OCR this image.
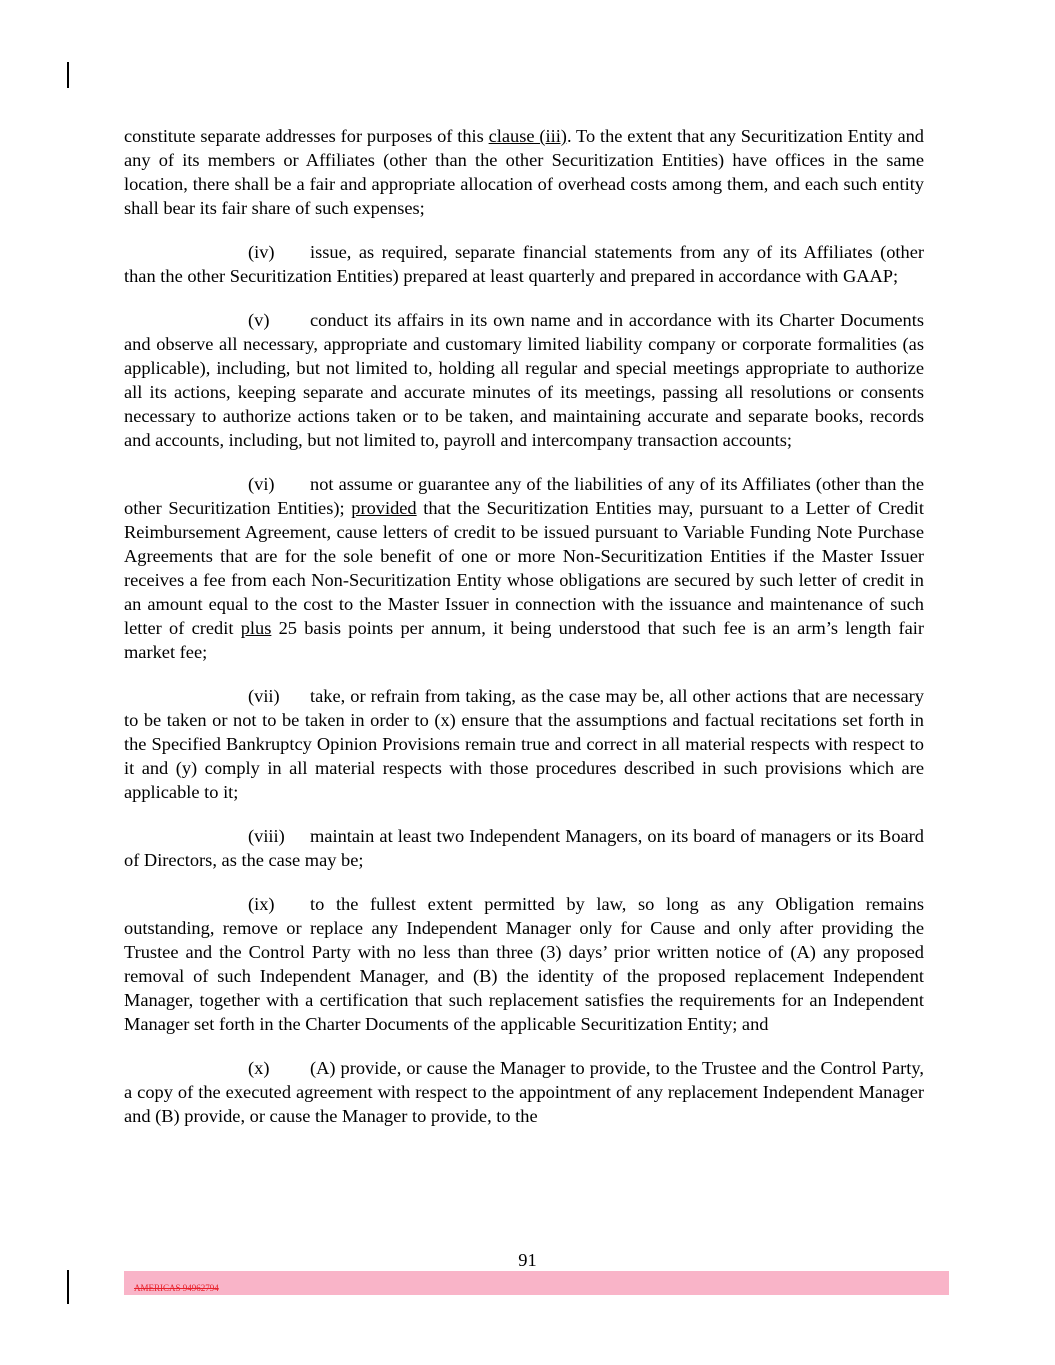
constitute separate addresses for purposes of this clause (iii). To the extent that any Securitization Entity and any of its members or Affiliates (other than the other Securitization Entities) have offices in the same location, there shall be a fair and appropriate allocation of overhead costs among them, and each such entity shall bear its fair share of such expenses;

(iv) issue, as required, separate financial statements from any of its Affiliates (other than the other Securitization Entities) prepared at least quarterly and prepared in accordance with GAAP;

(v) conduct its affairs in its own name and in accordance with its Charter Documents and observe all necessary, appropriate and customary limited liability company or corporate formalities (as applicable), including, but not limited to, holding all regular and special meetings appropriate to authorize all its actions, keeping separate and accurate minutes of its meetings, passing all resolutions or consents necessary to authorize actions taken or to be taken, and maintaining accurate and separate books, records and accounts, including, but not limited to, payroll and intercompany transaction accounts;

(vi) not assume or guarantee any of the liabilities of any of its Affiliates (other than the other Securitization Entities); provided that the Securitization Entities may, pursuant to a Letter of Credit Reimbursement Agreement, cause letters of credit to be issued pursuant to Variable Funding Note Purchase Agreements that are for the sole benefit of one or more Non-Securitization Entities if the Master Issuer receives a fee from each Non-Securitization Entity whose obligations are secured by such letter of credit in an amount equal to the cost to the Master Issuer in connection with the issuance and maintenance of such letter of credit plus 25 basis points per annum, it being understood that such fee is an arm’s length fair market fee;

(vii) take, or refrain from taking, as the case may be, all other actions that are necessary to be taken or not to be taken in order to (x) ensure that the assumptions and factual recitations set forth in the Specified Bankruptcy Opinion Provisions remain true and correct in all material respects with respect to it and (y) comply in all material respects with those procedures described in such provisions which are applicable to it;

(viii) maintain at least two Independent Managers, on its board of managers or its Board of Directors, as the case may be;

(ix) to the fullest extent permitted by law, so long as any Obligation remains outstanding, remove or replace any Independent Manager only for Cause and only after providing the Trustee and the Control Party with no less than three (3) days’ prior written notice of (A) any proposed removal of such Independent Manager, and (B) the identity of the proposed replacement Independent Manager, together with a certification that such replacement satisfies the requirements for an Independent Manager set forth in the Charter Documents of the applicable Securitization Entity; and

(x) (A) provide, or cause the Manager to provide, to the Trustee and the Control Party, a copy of the executed agreement with respect to the appointment of any replacement Independent Manager and (B) provide, or cause the Manager to provide, to the

91
AMERICAS 94962794
